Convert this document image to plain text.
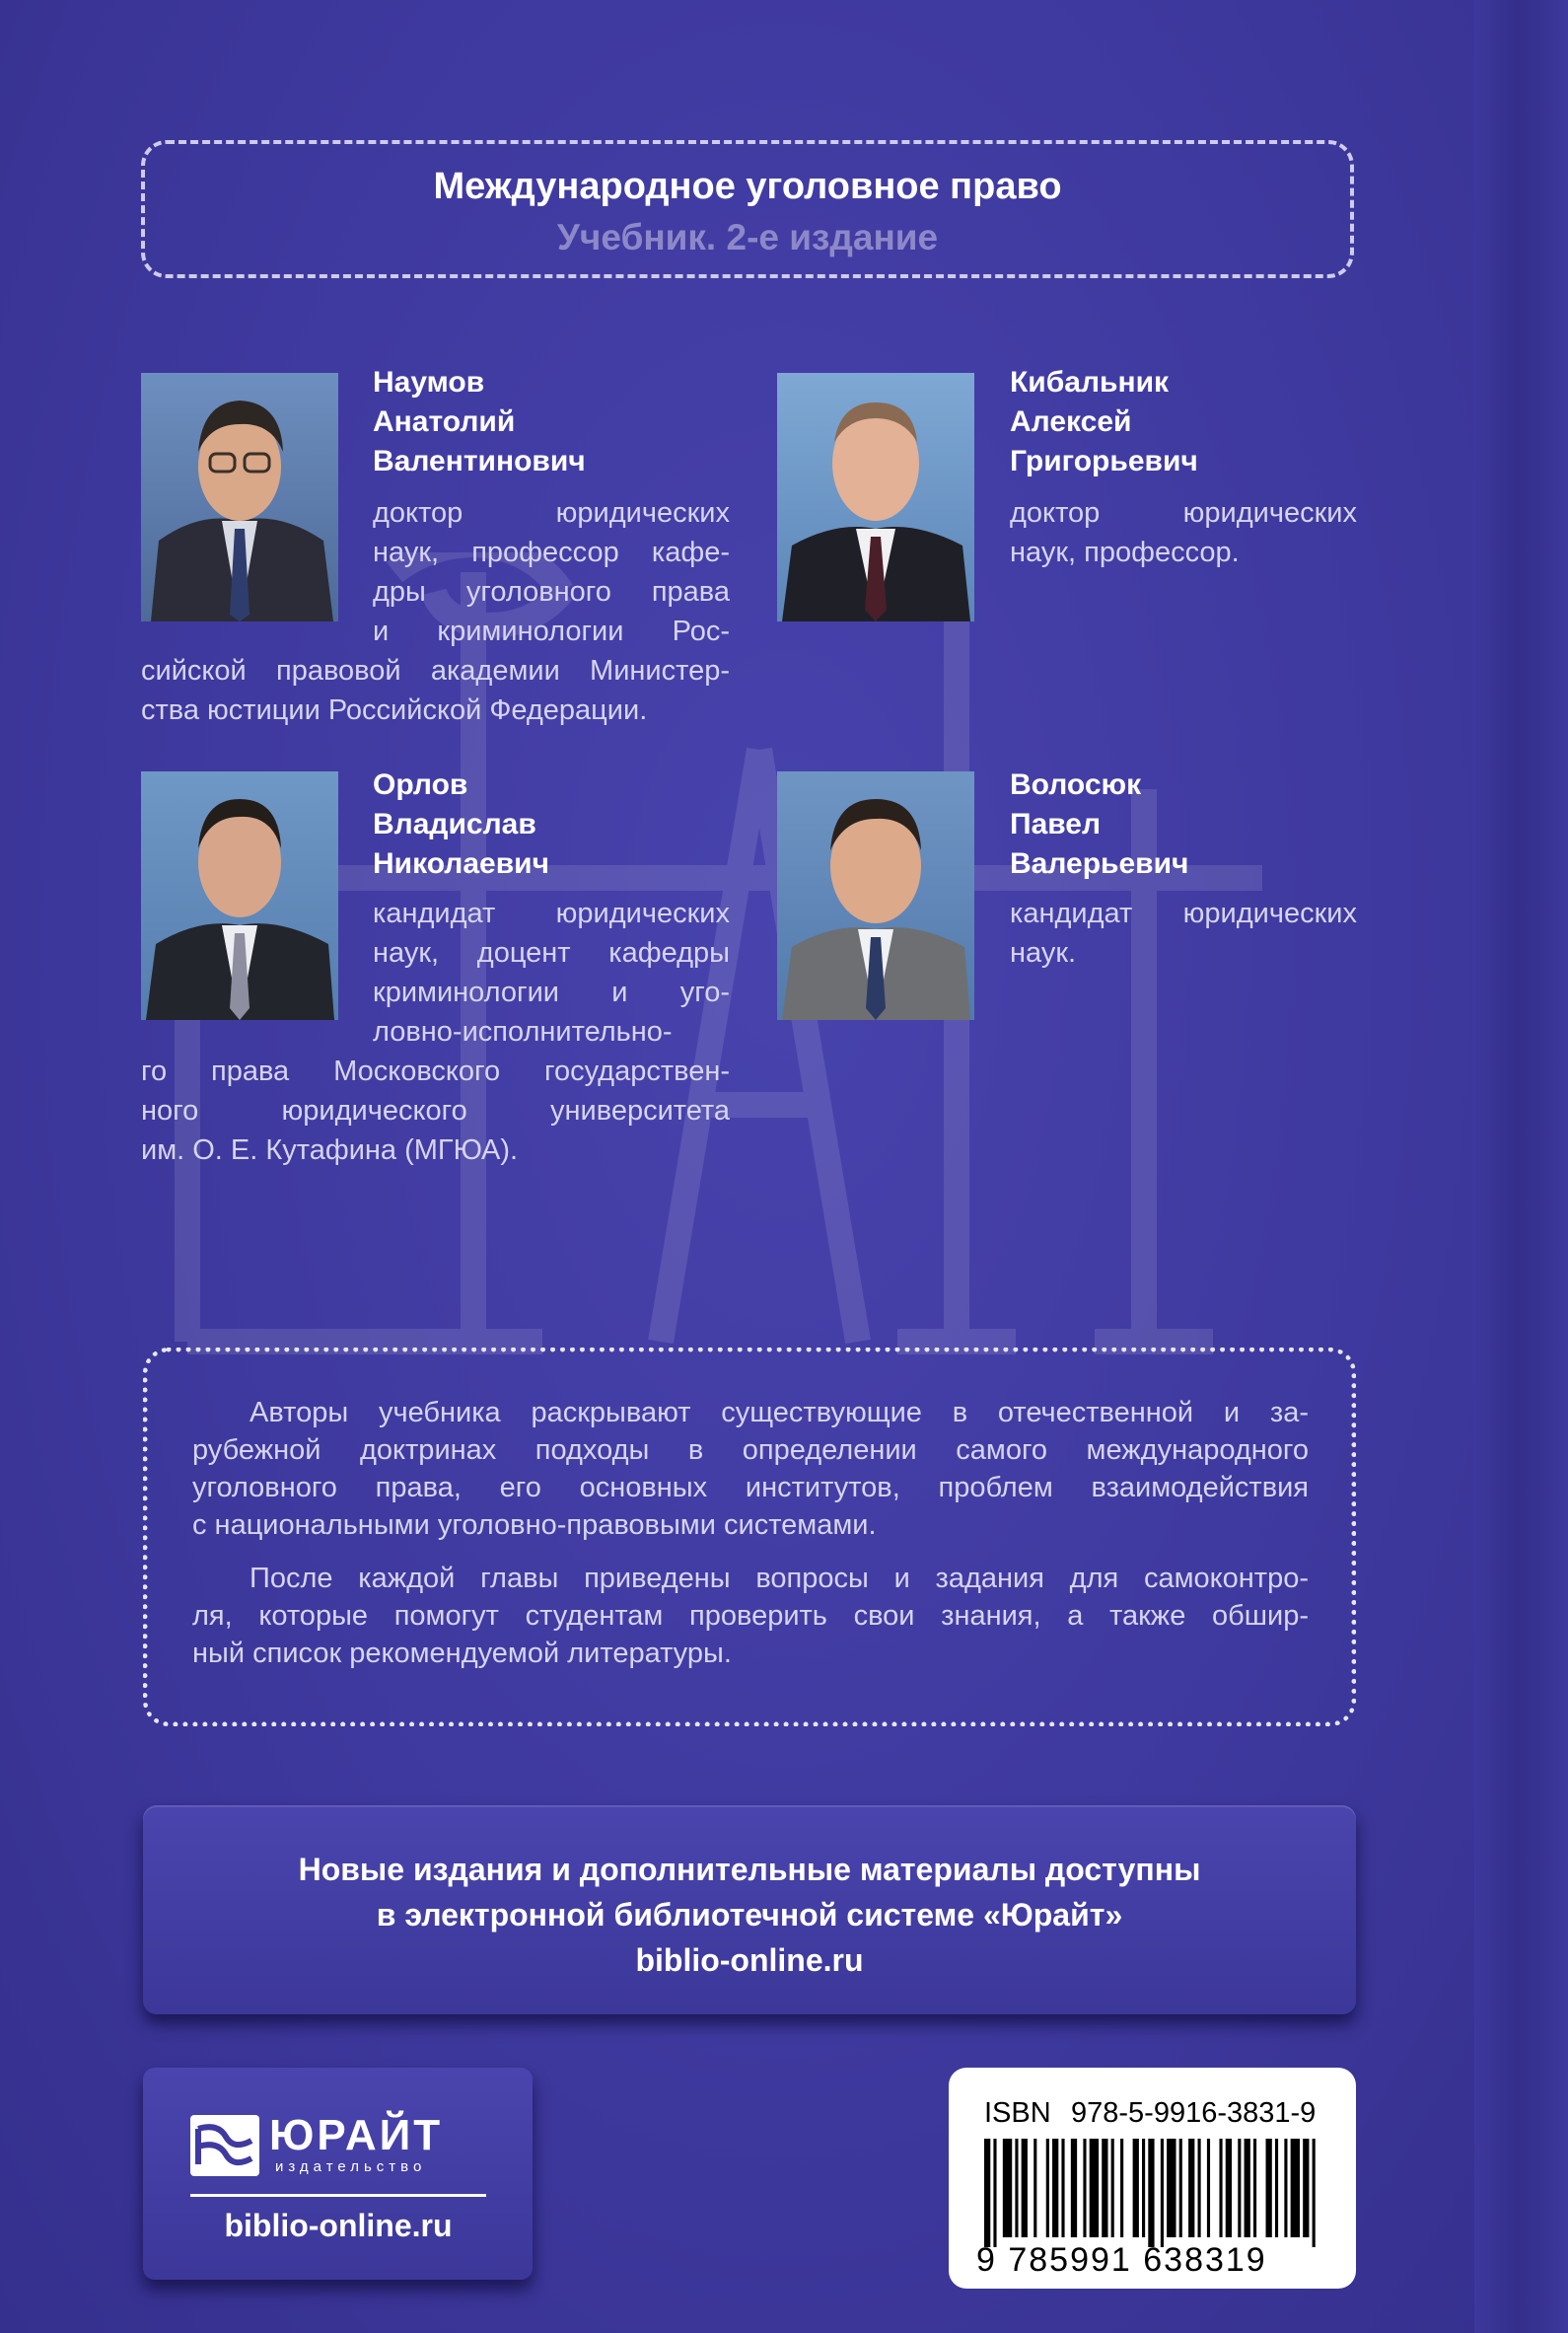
Международное уголовное право
Учебник. 2-е издание
Наумов
Анатолий
Валентинович
доктор юридических
наук, профессор кафе-
дры уголовного права
и криминологии Рос-
сийской правовой академии Министер-
ства юстиции Российской Федерации.
Кибальник
Алексей
Григорьевич
доктор юридических
наук, профессор.
Орлов
Владислав
Николаевич
кандидат юридических
наук, доцент кафедры
криминологии и уго-
ловно-исполнительно-
го права Московского государствен-
ного юридического университета
им. О. Е. Кутафина (МГЮА).
Волосюк
Павел
Валерьевич
кандидат юридических
наук.
Авторы учебника раскрывают существующие в отечественной и за-
рубежной доктринах подходы в определении самого международного
уголовного права, его основных институтов, проблем взаимодействия
с национальными уголовно-правовыми системами.
После каждой главы приведены вопросы и задания для самоконтро-
ля, которые помогут студентам проверить свои знания, а также обшир-
ный список рекомендуемой литературы.
Новые издания и дополнительные материалы доступны
в электронной библиотечной системе «Юрайт»
biblio-online.ru
ЮРАЙТ
издательство
biblio-online.ru
ISBN 978-5-9916-3831-9
9 785991 638319
